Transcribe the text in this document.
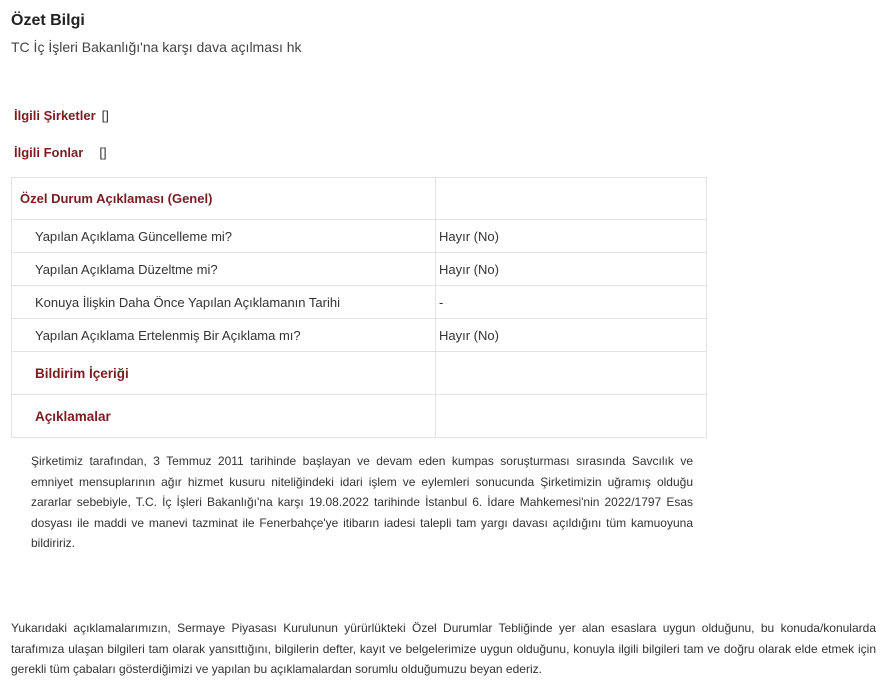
Özet Bilgi
TC İç İşleri Bakanlığı'na karşı dava açılması hk
İlgili Şirketler []
İlgili Fonlar []
Özel Durum Açıklaması (Genel)	
Yapılan Açıklama Güncelleme mi?	Hayır (No)
Yapılan Açıklama Düzeltme mi?	Hayır (No)
Konuya İlişkin Daha Önce Yapılan Açıklamanın Tarihi	-
Yapılan Açıklama Ertelenmiş Bir Açıklama mı?	Hayır (No)
Bildirim İçeriği	
Açıklamalar	
Şirketimiz tarafından, 3 Temmuz 2011 tarihinde başlayan ve devam eden kumpas soruşturması sırasında Savcılık ve emniyet mensuplarının ağır hizmet kusuru niteliğindeki idari işlem ve eylemleri sonucunda Şirketimizin uğramış olduğu zararlar sebebiyle, T.C. İç İşleri Bakanlığı'na karşı 19.08.2022 tarihinde İstanbul 6. İdare Mahkemesi'nin 2022/1797 Esas dosyası ile maddi ve manevi tazminat ile Fenerbahçe'ye itibarın iadesi talepli tam yargı davası açıldığını tüm kamuoyuna bildiririz.
Yukarıdaki açıklamalarımızın, Sermaye Piyasası Kurulunun yürürlükteki Özel Durumlar Tebliğinde yer alan esaslara uygun olduğunu, bu konuda/konularda tarafımıza ulaşan bilgileri tam olarak yansıttığını, bilgilerin defter, kayıt ve belgelerimize uygun olduğunu, konuyla ilgili bilgileri tam ve doğru olarak elde etmek için gerekli tüm çabaları gösterdiğimizi ve yapılan bu açıklamalardan sorumlu olduğumuzu beyan ederiz.
